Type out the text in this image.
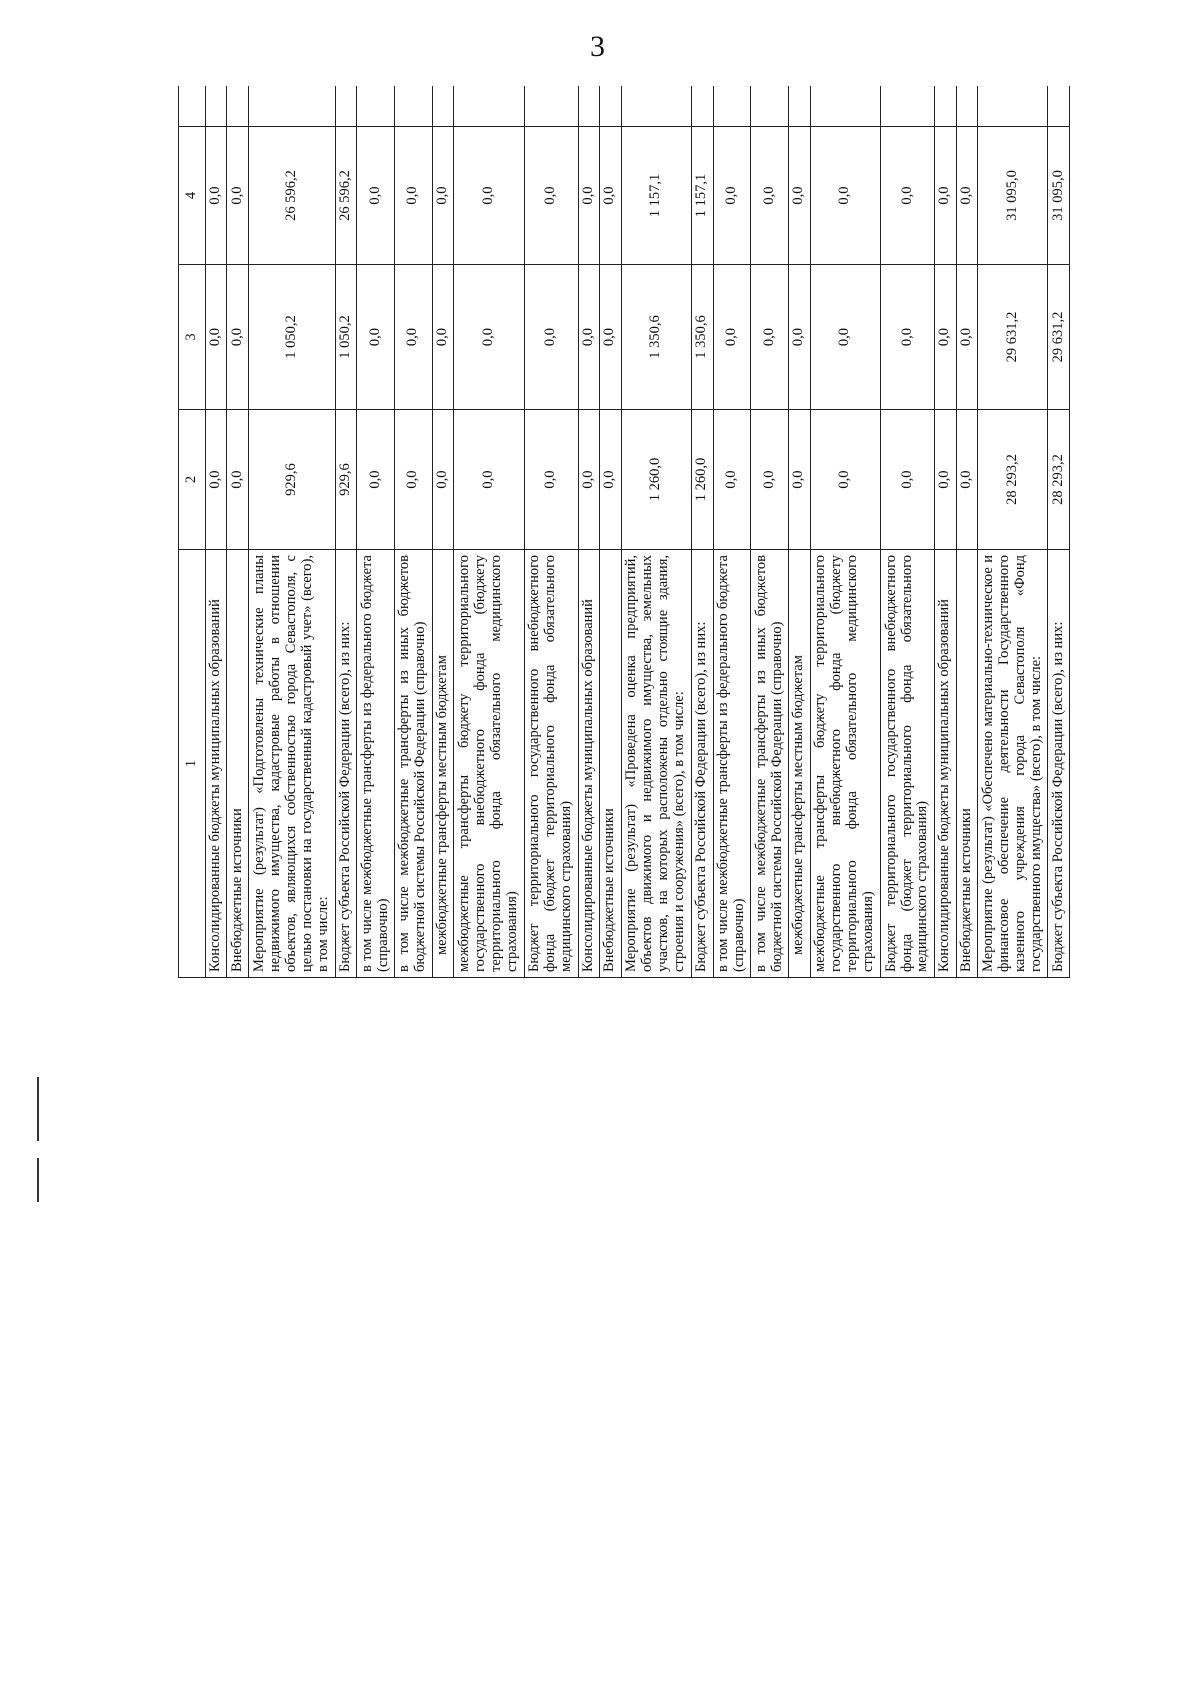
3
1	2	3	4					
Консолидированные бюджеты муниципальных образований	0,0	0,0	0,0					
Внебюджетные источники	0,0	0,0	0,0					
Мероприятие (результат) «Подготовлены технические планы недвижимого имущества, кадастровые работы в отношении объектов, являющихся собственностью города Севастополя, с целью постановки на государственный кадастровый учет» (всего), в том числе:	929,6	1 050,2	26 596,2					
Бюджет субъекта Российской Федерации (всего), из них:	929,6	1 050,2	26 596,2					
в том числе межбюджетные трансферты из федерального бюджета (справочно)	0,0	0,0	0,0					
в том числе межбюджетные трансферты из иных бюджетов бюджетной системы Российской Федерации (справочно)	0,0	0,0	0,0					
межбюджетные трансферты местным бюджетам	0,0	0,0	0,0					
межбюджетные трансферты бюджету территориального государственного внебюджетного фонда (бюджету территориального фонда обязательного медицинского страхования)	0,0	0,0	0,0					
Бюджет территориального государственного внебюджетного фонда (бюджет территориального фонда обязательного медицинского страхования)	0,0	0,0	0,0					
Консолидированные бюджеты муниципальных образований	0,0	0,0	0,0					
Внебюджетные источники	0,0	0,0	0,0					
Мероприятие (результат) «Проведена оценка предприятий, объектов движимого и недвижимого имущества, земельных участков, на которых расположены отдельно стоящие здания, строения и сооружения» (всего), в том числе:	1 260,0	1 350,6	1 157,1					
Бюджет субъекта Российской Федерации (всего), из них:	1 260,0	1 350,6	1 157,1					
в том числе межбюджетные трансферты из федерального бюджета (справочно)	0,0	0,0	0,0					
в том числе межбюджетные трансферты из иных бюджетов бюджетной системы Российской Федерации (справочно)	0,0	0,0	0,0					
межбюджетные трансферты местным бюджетам	0,0	0,0	0,0					
межбюджетные трансферты бюджету территориального государственного внебюджетного фонда (бюджету территориального фонда обязательного медицинского страхования)	0,0	0,0	0,0					
Бюджет территориального государственного внебюджетного фонда (бюджет территориального фонда обязательного медицинского страхования)	0,0	0,0	0,0					
Консолидированные бюджеты муниципальных образований	0,0	0,0	0,0					
Внебюджетные источники	0,0	0,0	0,0					
Мероприятие (результат) «Обеспечено материально-техническое и финансовое обеспечение деятельности Государственного казенного учреждения города Севастополя «Фонд государственного имущества» (всего), в том числе:	28 293,2	29 631,2	31 095,0					
Бюджет субъекта Российской Федерации (всего), из них:	28 293,2	29 631,2	31 095,0					
